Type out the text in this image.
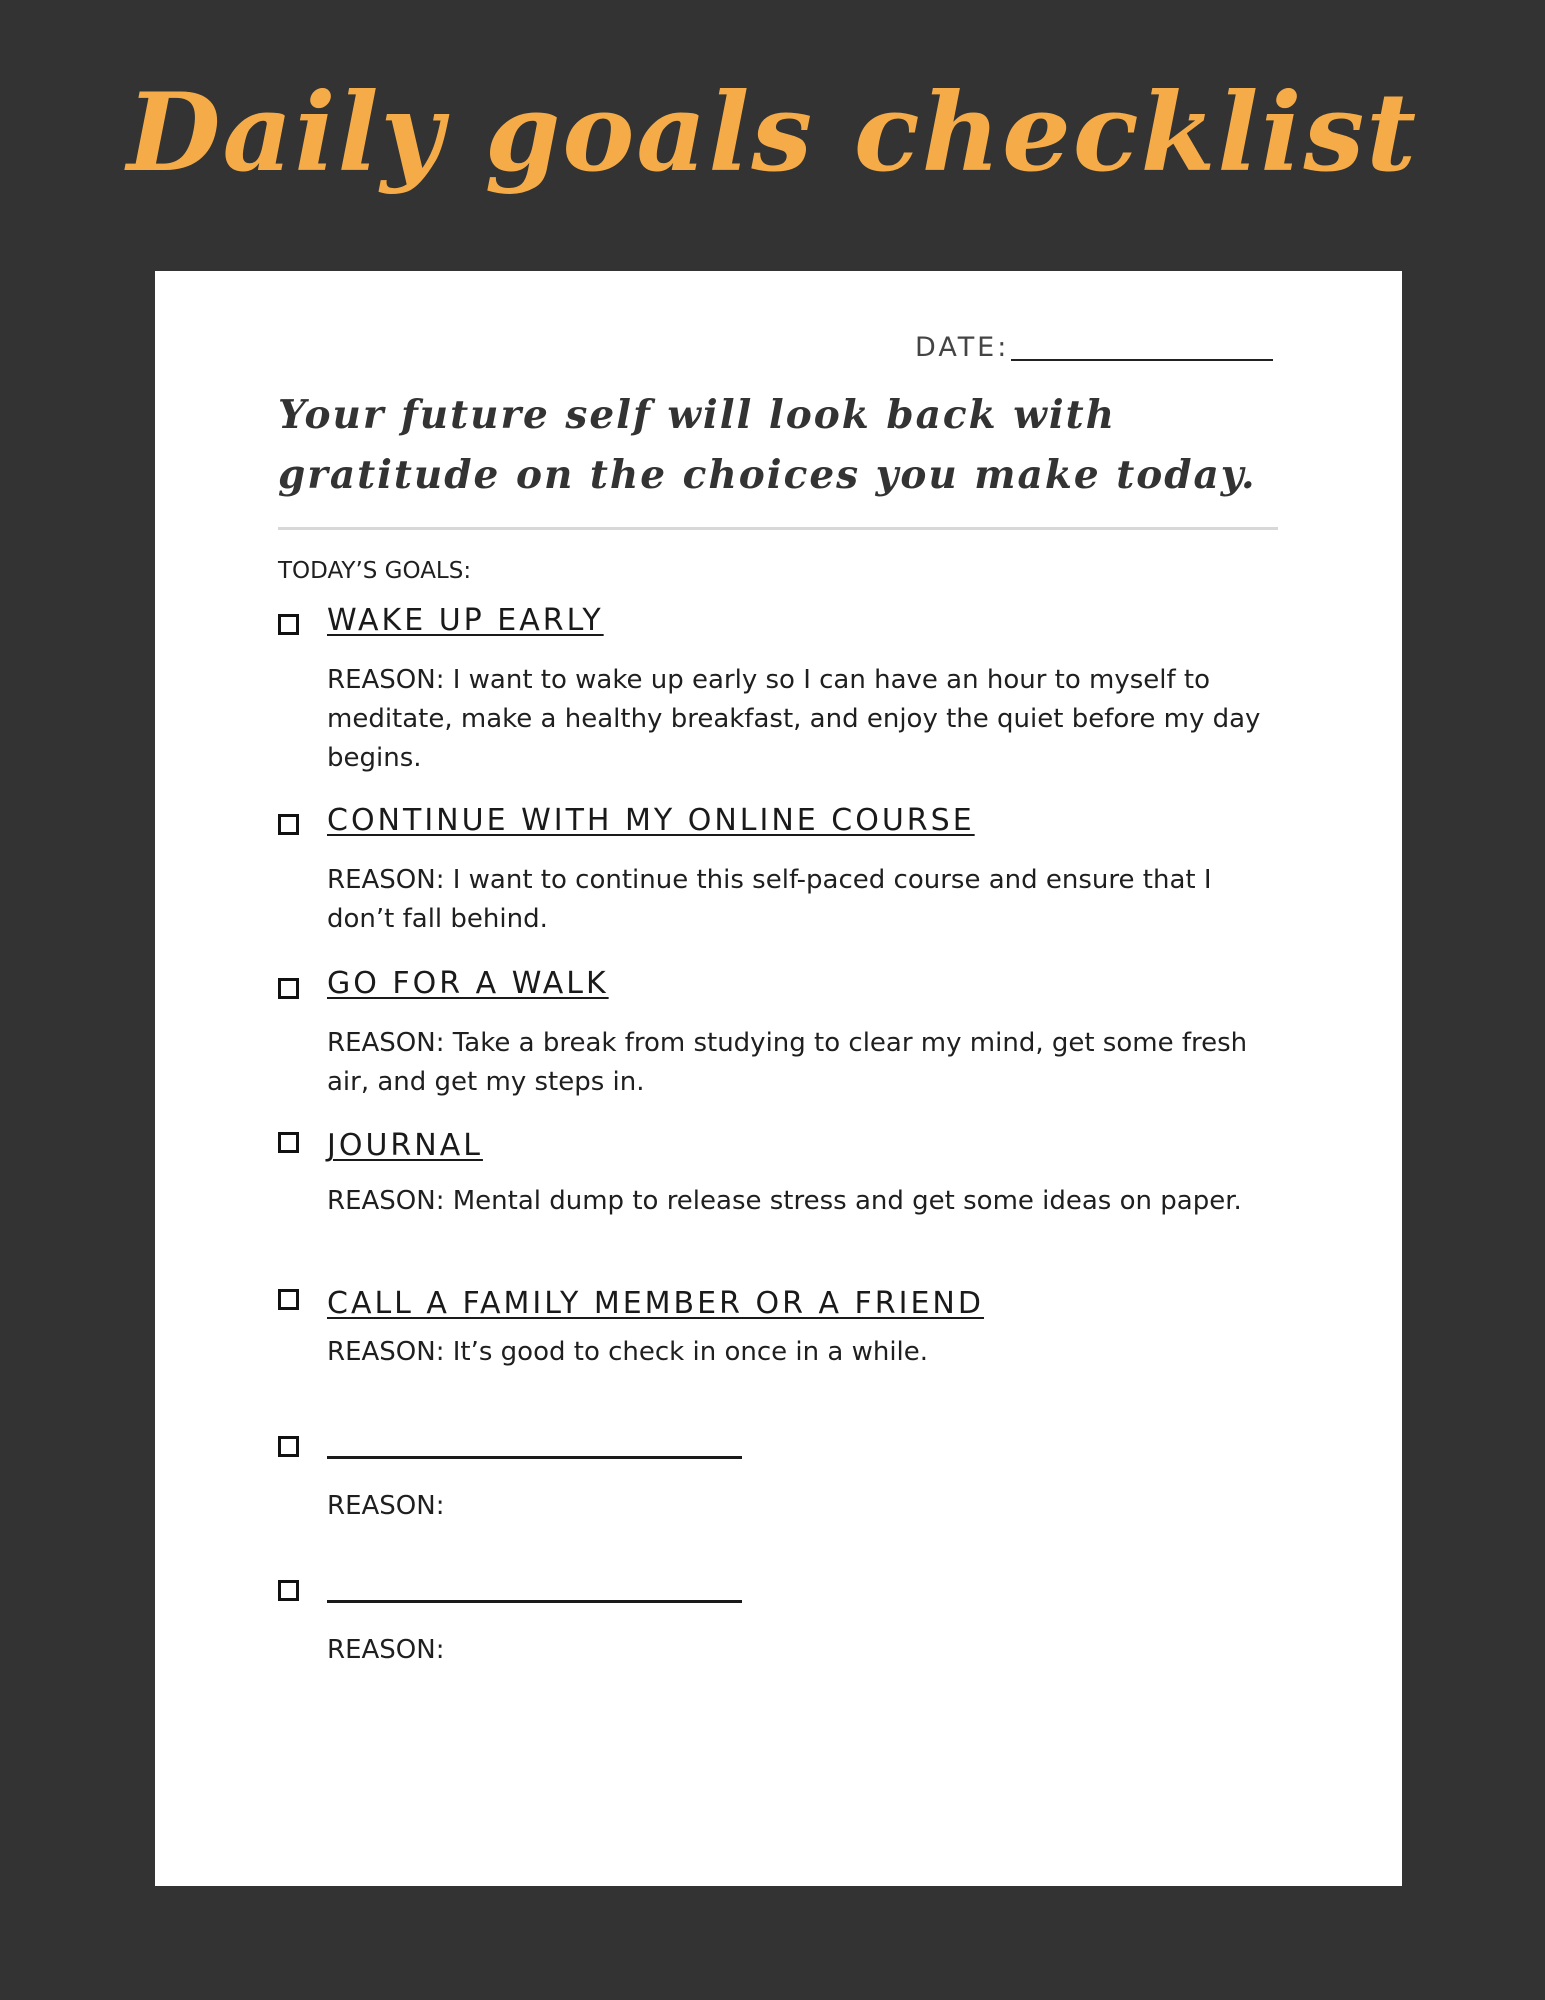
Daily goals checklist
DATE:
Your future self will look back with gratitude on the choices you make today.
TODAY’S GOALS:
WAKE UP EARLY
REASON: I want to wake up early so I can have an hour to myself to meditate, make a healthy breakfast, and enjoy the quiet before my day begins.
CONTINUE WITH MY ONLINE COURSE
REASON: I want to continue this self-paced course and ensure that I don’t fall behind.
GO FOR A WALK
REASON: Take a break from studying to clear my mind, get some fresh air, and get my steps in.
JOURNAL
REASON: Mental dump to release stress and get some ideas on paper.
CALL A FAMILY MEMBER OR A FRIEND
REASON: It’s good to check in once in a while.
REASON:
REASON:
